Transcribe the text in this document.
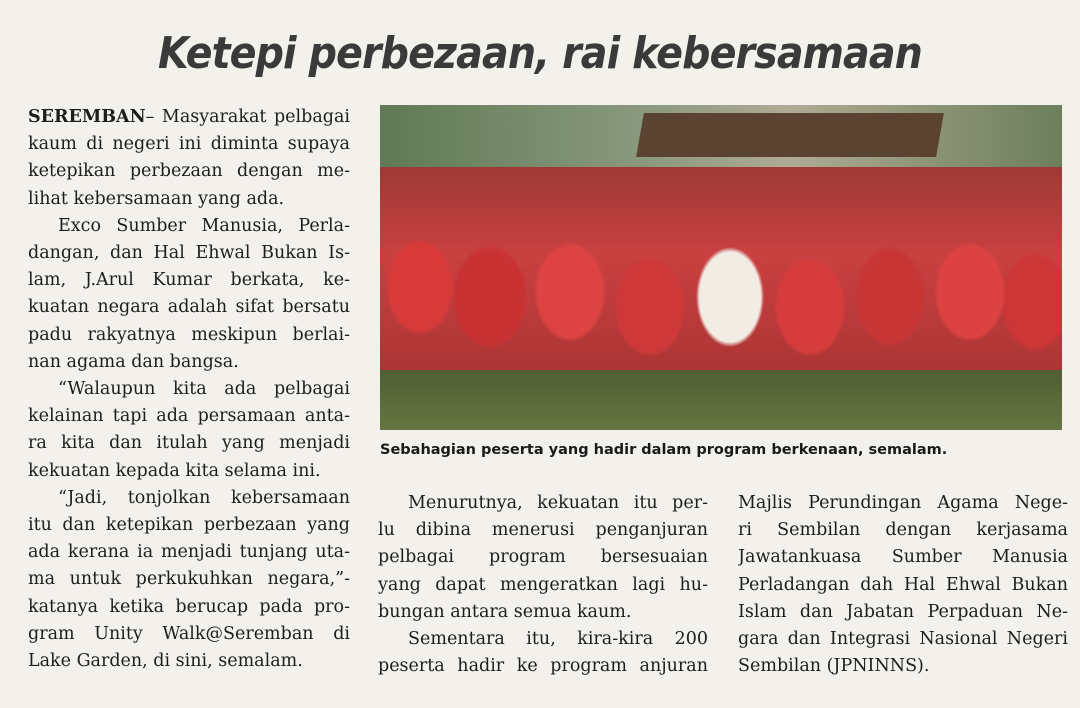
Ketepi perbezaan, rai kebersamaan

SEREMBAN– Masyarakat pelbagai
kaum di negeri ini diminta supaya
ketepikan perbezaan dengan me-
lihat kebersamaan yang ada.

Exco Sumber Manusia, Perla-
dangan, dan Hal Ehwal Bukan Is-
lam, J.Arul Kumar berkata, ke-
kuatan negara adalah sifat bersatu
padu rakyatnya meskipun berlai-
nan agama dan bangsa.

“Walaupun kita ada pelbagai
kelainan tapi ada persamaan anta-
ra kita dan itulah yang menjadi
kekuatan kepada kita selama ini.

“Jadi, tonjolkan kebersamaan
itu dan ketepikan perbezaan yang
ada kerana ia menjadi tunjang uta-
ma untuk perkukuhkan negara,”-
katanya ketika berucap pada pro-
gram Unity Walk@Seremban di
Lake Garden, di sini, semalam.

Sebahagian peserta yang hadir dalam program berkenaan, semalam.

Menurutnya, kekuatan itu per-
lu dibina menerusi penganjuran
pelbagai program bersesuaian
yang dapat mengeratkan lagi hu-
bungan antara semua kaum.

Sementara itu, kira-kira 200
peserta hadir ke program anjuran

Majlis Perundingan Agama Nege-
ri Sembilan dengan kerjasama
Jawatankuasa Sumber Manusia
Perladangan dah Hal Ehwal Bukan
Islam dan Jabatan Perpaduan Ne-
gara dan Integrasi Nasional Negeri
Sembilan (JPNINNS).
